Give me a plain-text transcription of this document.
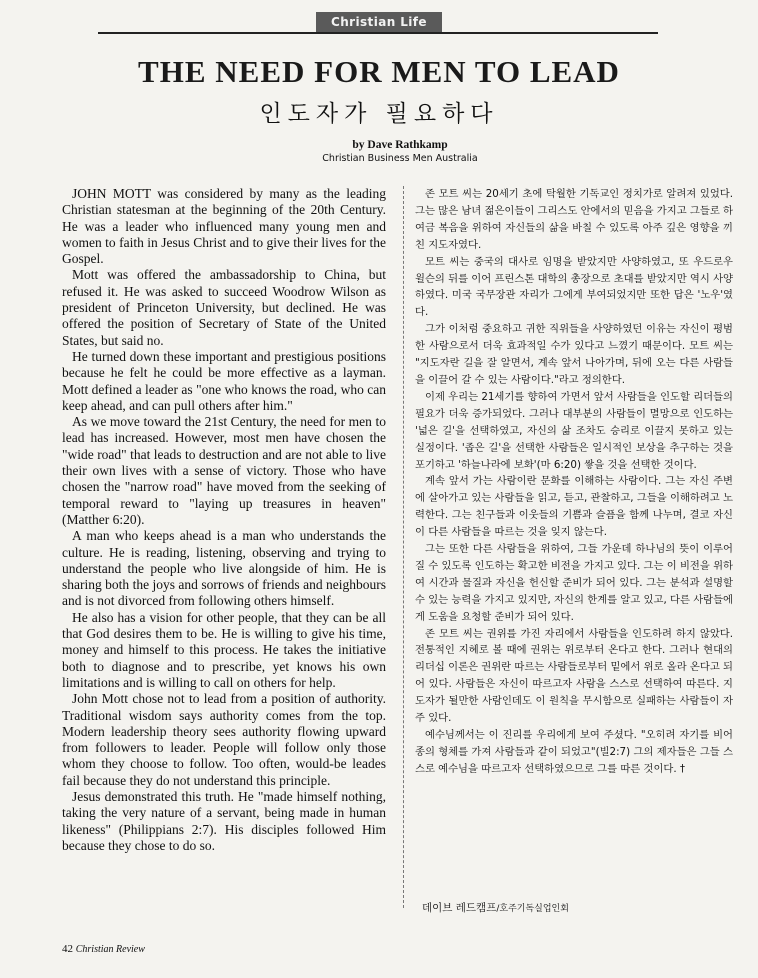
Christian Life
THE NEED FOR MEN TO LEAD
인도자가 필요하다
by Dave Rathkamp
Christian Business Men Australia

JOHN MOTT was considered by many as the leading Christian statesman at the beginning of the 20th Century. He was a leader who influenced many young men and women to faith in Jesus Christ and to give their lives for the Gospel.

Mott was offered the ambassadorship to China, but refused it. He was asked to succeed Woodrow Wilson as president of Princeton University, but declined. He was offered the position of Secretary of State of the United States, but said no.

He turned down these important and prestigious positions because he felt he could be more effective as a layman. Mott defined a leader as "one who knows the road, who can keep ahead, and can pull others after him."

As we move toward the 21st Century, the need for men to lead has increased. However, most men have chosen the "wide road" that leads to destruction and are not able to live their own lives with a sense of victory. Those who have chosen the "narrow road" have moved from the seeking of temporal reward to "laying up treasures in heaven" (Matther 6:20).

A man who keeps ahead is a man who understands the culture. He is reading, listening, observing and trying to understand the people who live alongside of him. He is sharing both the joys and sorrows of friends and neighbours and is not divorced from following others himself.

He also has a vision for other people, that they can be all that God desires them to be. He is willing to give his time, money and himself to this process. He takes the initiative both to diagnose and to prescribe, yet knows his own limitations and is willing to call on others for help.

John Mott chose not to lead from a position of authority. Traditional wisdom says authority comes from the top. Modern leadership theory sees authority flowing upward from followers to leader. People will follow only those whom they choose to follow. Too often, would-be leades fail because they do not understand this principle.

Jesus demonstrated this truth. He "made himself nothing, taking the very nature of a servant, being made in human likeness" (Philippians 2:7). His disciples followed Him because they chose to do so.

존 모트 씨는 20세기 초에 탁월한 기독교인 정치가로 알려져 있었다. 그는 많은 남녀 젊은이들이 그리스도 안에서의 믿음을 가지고 그들로 하여금 복음을 위하여 자신들의 삶을 바칠 수 있도록 아주 깊은 영향을 끼친 지도자였다.

모트 씨는 중국의 대사로 임명을 받았지만 사양하였고, 또 우드로우 윌슨의 뒤를 이어 프린스톤 대학의 총장으로 초대를 받았지만 역시 사양하였다. 미국 국무장관 자리가 그에게 부여되었지만 또한 답은 '노우'였다.

그가 이처럼 중요하고 귀한 직위들을 사양하였던 이유는 자신이 평범한 사람으로서 더욱 효과적일 수가 있다고 느꼈기 때문이다. 모트 씨는 "지도자란 길을 잘 알면서, 계속 앞서 나아가며, 뒤에 오는 다른 사람들을 이끌어 갈 수 있는 사람이다."라고 정의한다.

이제 우리는 21세기를 향하여 가면서 앞서 사람들을 인도할 리더들의 필요가 더욱 증가되었다. 그러나 대부분의 사람들이 멸망으로 인도하는 '넓은 길'을 선택하였고, 자신의 삶 조차도 승리로 이끌지 못하고 있는 실정이다. '좁은 길'을 선택한 사람들은 일시적인 보상을 추구하는 것을 포기하고 '하늘나라에 보화'(마 6:20) 쌓을 것을 선택한 것이다.

계속 앞서 가는 사람이란 문화를 이해하는 사람이다. 그는 자신 주변에 살아가고 있는 사람들을 읽고, 듣고, 관찰하고, 그들을 이해하려고 노력한다. 그는 친구들과 이웃들의 기쁨과 슬픔을 함께 나누며, 결코 자신이 다른 사람들을 따르는 것을 잊지 않는다.

그는 또한 다른 사람들을 위하여, 그들 가운데 하나님의 뜻이 이루어 질 수 있도록 인도하는 확고한 비전을 가지고 있다. 그는 이 비전을 위하여 시간과 물질과 자신을 헌신할 준비가 되어 있다. 그는 분석과 설명할 수 있는 능력을 가지고 있지만, 자신의 한계를 알고 있고, 다른 사람들에게 도움을 요청할 준비가 되어 있다.

존 모트 씨는 권위를 가진 자리에서 사람들을 인도하려 하지 않았다. 전통적인 지혜로 볼 때에 권위는 위로부터 온다고 한다. 그러나 현대의 리더십 이론은 권위란 따르는 사람들로부터 밑에서 위로 올라 온다고 되어 있다. 사람들은 자신이 따르고자 사람을 스스로 선택하여 따른다. 지도자가 될만한 사람인데도 이 원칙을 무시함으로 실패하는 사람들이 자주 있다.

예수님께서는 이 진리를 우리에게 보여 주셨다. "오히려 자기를 비어 종의 형체를 가져 사람들과 같이 되었고"(빌2:7) 그의 제자들은 그들 스스로 예수님을 따르고자 선택하였으므로 그를 따른 것이다. †

데이브 레드캠프/호주기독실업인회
42 Christian Review
